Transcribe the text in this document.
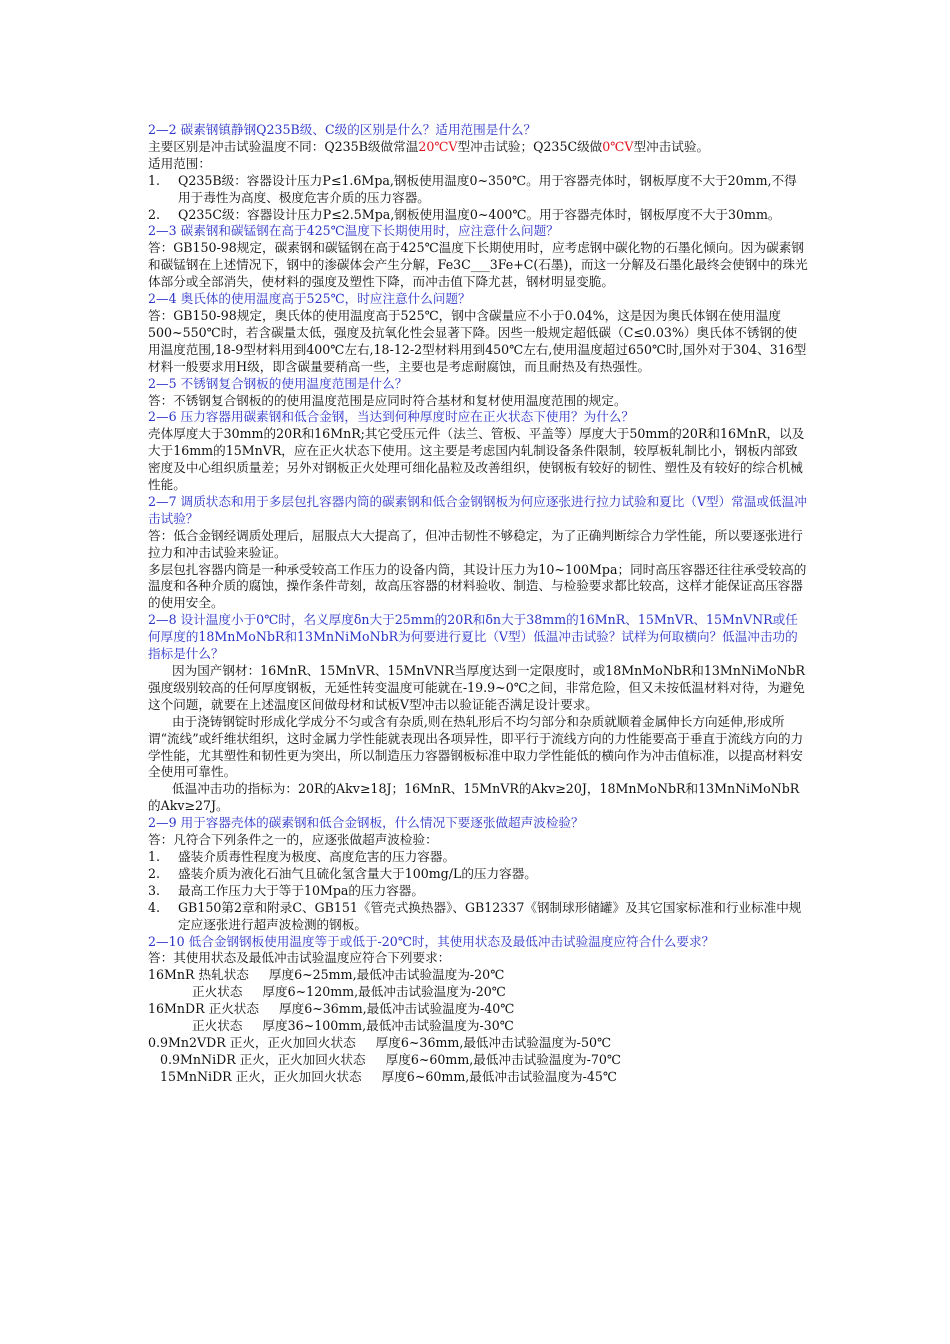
2—2 碳素钢镇静钢Q235B级、C级的区别是什么？适用范围是什么？

主要区别是冲击试验温度不同：Q235B级做常温20℃V型冲击试验；Q235C级做0℃V型冲击试验。

适用范围：

1.	Q235B级：容器设计压力P≤1.6Mpa,钢板使用温度0~350℃。用于容器壳体时，钢板厚度不大于20mm,不得用于毒性为高度、极度危害介质的压力容器。
2.	Q235C级：容器设计压力P≤2.5Mpa,钢板使用温度0~400℃。用于容器壳体时，钢板厚度不大于30mm。

2—3 碳素钢和碳锰钢在高于425℃温度下长期使用时，应注意什么问题？

答：GB150-98规定，碳素钢和碳锰钢在高于425℃温度下长期使用时，应考虑钢中碳化物的石墨化倾向。因为碳素钢和碳锰钢在上述情况下，钢中的渗碳体会产生分解，Fe3C___3Fe+C(石墨)，而这一分解及石墨化最终会使钢中的珠光体部分或全部消失，使材料的强度及塑性下降，而冲击值下降尤甚，钢材明显变脆。

2—4 奥氏体的使用温度高于525℃，时应注意什么问题？

答：GB150-98规定，奥氏体的使用温度高于525℃，钢中含碳量应不小于0.04%，这是因为奥氏体钢在使用温度500~550℃时，若含碳量太低，强度及抗氧化性会显著下降。因些一般规定超低碳（C≤0.03%）奥氏体不锈钢的使用温度范围,18-9型材料用到400℃左右,18-12-2型材料用到450℃左右,使用温度超过650℃时,国外对于304、316型材料一般要求用H级，即含碳量要稍高一些，主要也是考虑耐腐蚀，而且耐热及有热强性。

2—5 不锈钢复合钢板的使用温度范围是什么？

答：不锈钢复合钢板的的使用温度范围是应同时符合基材和复材使用温度范围的规定。

2—6 压力容器用碳素钢和低合金钢，当达到何种厚度时应在正火状态下使用？为什么？

壳体厚度大于30mm的20R和16MnR;其它受压元件（法兰、管板、平盖等）厚度大于50mm的20R和16MnR，以及大于16mm的15MnVR，应在正火状态下使用。这主要是考虑国内轧制设备条件限制，较厚板轧制比小，钢板内部致密度及中心组织质量差；另外对钢板正火处理可细化晶粒及改善组织，使钢板有较好的韧性、塑性及有较好的综合机械性能。

2—7 调质状态和用于多层包扎容器内筒的碳素钢和低合金钢钢板为何应逐张进行拉力试验和夏比（V型）常温或低温冲击试验？

答：低合金钢经调质处理后，屈服点大大提高了，但冲击韧性不够稳定，为了正确判断综合力学性能，所以要逐张进行拉力和冲击试验来验证。

多层包扎容器内筒是一种承受较高工作压力的设备内筒，其设计压力为10~100Mpa；同时高压容器还往往承受较高的温度和各种介质的腐蚀，操作条件苛刻，故高压容器的材料验收、制造、与检验要求都比较高，这样才能保证高压容器的使用安全。

2—8 设计温度小于0℃时，名义厚度δn大于25mm的20R和δn大于38mm的16MnR、15MnVR、15MnVNR或任何厚度的18MnMoNbR和13MnNiMoNbR为何要进行夏比（V型）低温冲击试验？试样为何取横向？低温冲击功的指标是什么？

因为国产钢材：16MnR、15MnVR、15MnVNR当厚度达到一定限度时，或18MnMoNbR和13MnNiMoNbR强度级别较高的任何厚度钢板，无延性转变温度可能就在-19.9~0℃之间，非常危险，但又未按低温材料对待，为避免这个问题，就要在上述温度区间做母材和试板V型冲击以验证能否满足设计要求。

由于浇铸钢锭时形成化学成分不匀或含有杂质,则在热轧形后不均匀部分和杂质就顺着金属伸长方向延伸,形成所谓“流线”或纤维状组织，这时金属力学性能就表现出各项异性，即平行于流线方向的力性能要高于垂直于流线方向的力学性能，尤其塑性和韧性更为突出，所以制造压力容器钢板标准中取力学性能低的横向作为冲击值标准，以提高材料安全使用可靠性。

低温冲击功的指标为：20R的Akv≥18J；16MnR、15MnVR的Akv≥20J，18MnMoNbR和13MnNiMoNbR的Akv≥27J。

2—9 用于容器壳体的碳素钢和低合金钢板，什么情况下要逐张做超声波检验？

答：凡符合下列条件之一的，应逐张做超声波检验：

1.	盛装介质毒性程度为极度、高度危害的压力容器。
2.	盛装介质为液化石油气且硫化氢含量大于100mg/L的压力容器。
3.	最高工作压力大于等于10Mpa的压力容器。
4.	GB150第2章和附录C、GB151《管壳式换热器》、GB12337《钢制球形储罐》及其它国家标准和行业标准中规定应逐张进行超声波检测的钢板。

2—10 低合金钢钢板使用温度等于或低于-20℃时，其使用状态及最低冲击试验温度应符合什么要求？

答：其使用状态及最低冲击试验温度应符合下列要求：

16MnR 热轧状态     厚度6~25mm,最低冲击试验温度为-20℃

正火状态     厚度6~120mm,最低冲击试验温度为-20℃

16MnDR 正火状态     厚度6~36mm,最低冲击试验温度为-40℃

正火状态     厚度36~100mm,最低冲击试验温度为-30℃

0.9Mn2VDR 正火，正火加回火状态     厚度6~36mm,最低冲击试验温度为-50℃

0.9MnNiDR 正火，正火加回火状态     厚度6~60mm,最低冲击试验温度为-70℃

15MnNiDR 正火，正火加回火状态     厚度6~60mm,最低冲击试验温度为-45℃
